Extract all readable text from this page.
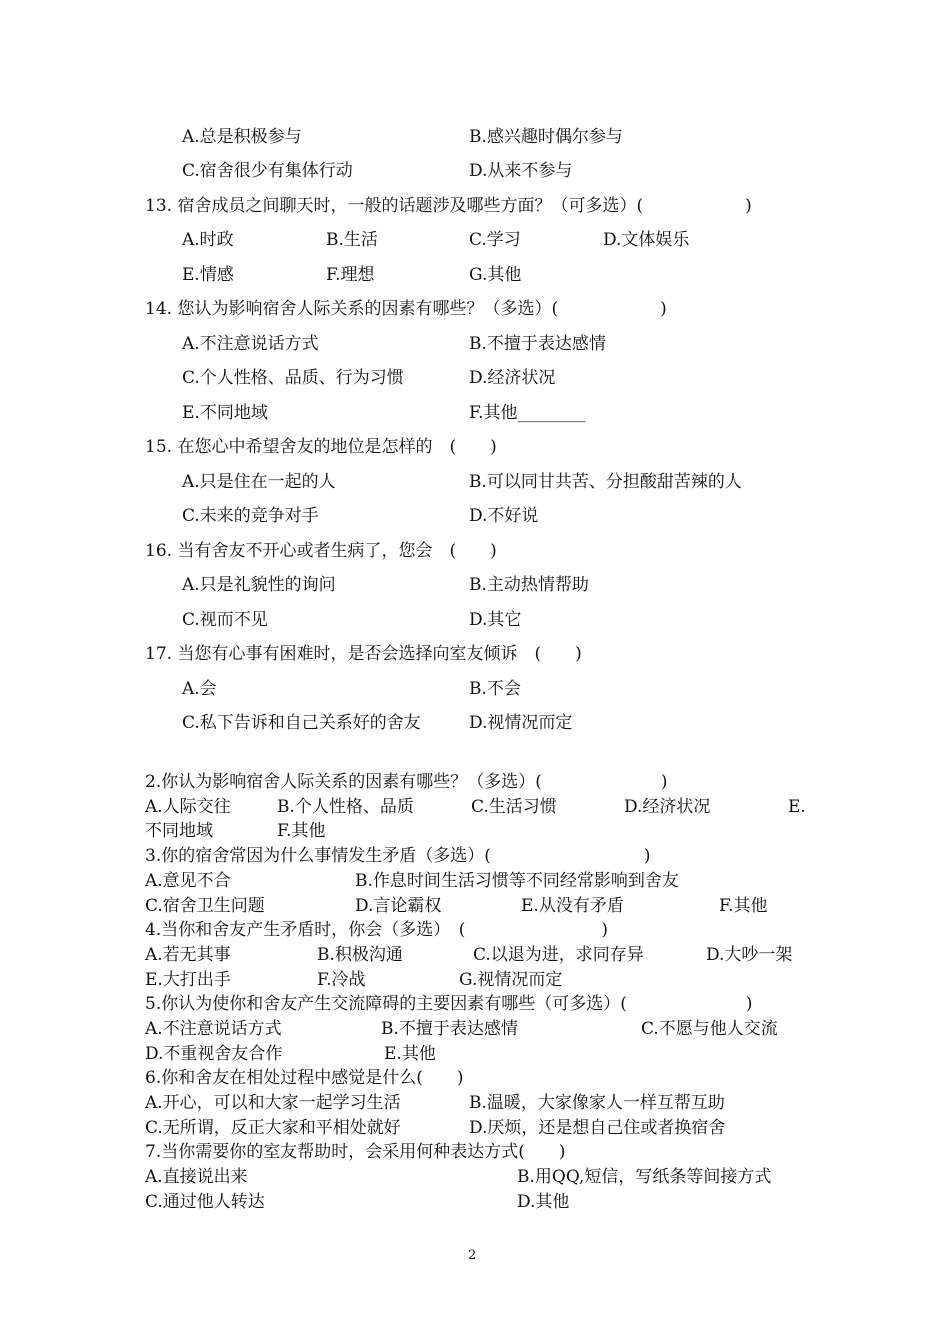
A.总是积极参与	B.感兴趣时偶尔参与
C.宿舍很少有集体行动	D.从来不参与
13. 宿舍成员之间聊天时，一般的话题涉及哪些方面？（可多选）(　　　　　　)
A.时政	B.生活	C.学习	D.文体娱乐
E.情感	F.理想	G.其他
14. 您认为影响宿舍人际关系的因素有哪些？（多选）(　　　　　　)
A.不注意说话方式	B.不擅于表达感情
C.个人性格、品质、行为习惯	D.经济状况
E.不同地域	F.其他________
15. 在您心中希望舍友的地位是怎样的　(　　)
A.只是住在一起的人	B.可以同甘共苦、分担酸甜苦辣的人
C.未来的竞争对手	D.不好说
16. 当有舍友不开心或者生病了，您会　(　　)
A.只是礼貌性的询问	B.主动热情帮助
C.视而不见	D.其它
17. 当您有心事有困难时，是否会选择向室友倾诉　(　　)
A.会	B.不会
C.私下告诉和自己关系好的舍友	D.视情况而定
2.你认为影响宿舍人际关系的因素有哪些？（多选）(　　　　　　　)
A.人际交往	B.个人性格、品质	C.生活习惯	D.经济状况	E.
不同地域	F.其他
3.你的宿舍常因为什么事情发生矛盾（多选）(　　　　　　　　　)
A.意见不合	B.作息时间生活习惯等不同经常影响到舍友
C.宿舍卫生问题	D.言论霸权	E.从没有矛盾	F.其他
4.当你和舍友产生矛盾时，你会（多选）　(　　　　　　　　)
A.若无其事	B.积极沟通	C.以退为进，求同存异	D.大吵一架
E.大打出手	F.冷战	G.视情况而定
5.你认为使你和舍友产生交流障碍的主要因素有哪些（可多选）(　　　　　　　)
A.不注意说话方式	B.不擅于表达感情	C.不愿与他人交流
D.不重视舍友合作	E.其他
6.你和舍友在相处过程中感觉是什么(　　)
A.开心，可以和大家一起学习生活	B.温暖，大家像家人一样互帮互助
C.无所谓，反正大家和平相处就好	D.厌烦，还是想自己住或者换宿舍
7.当你需要你的室友帮助时，会采用何种表达方式(　　)
A.直接说出来	B.用QQ,短信，写纸条等间接方式
C.通过他人转达	D.其他
2
